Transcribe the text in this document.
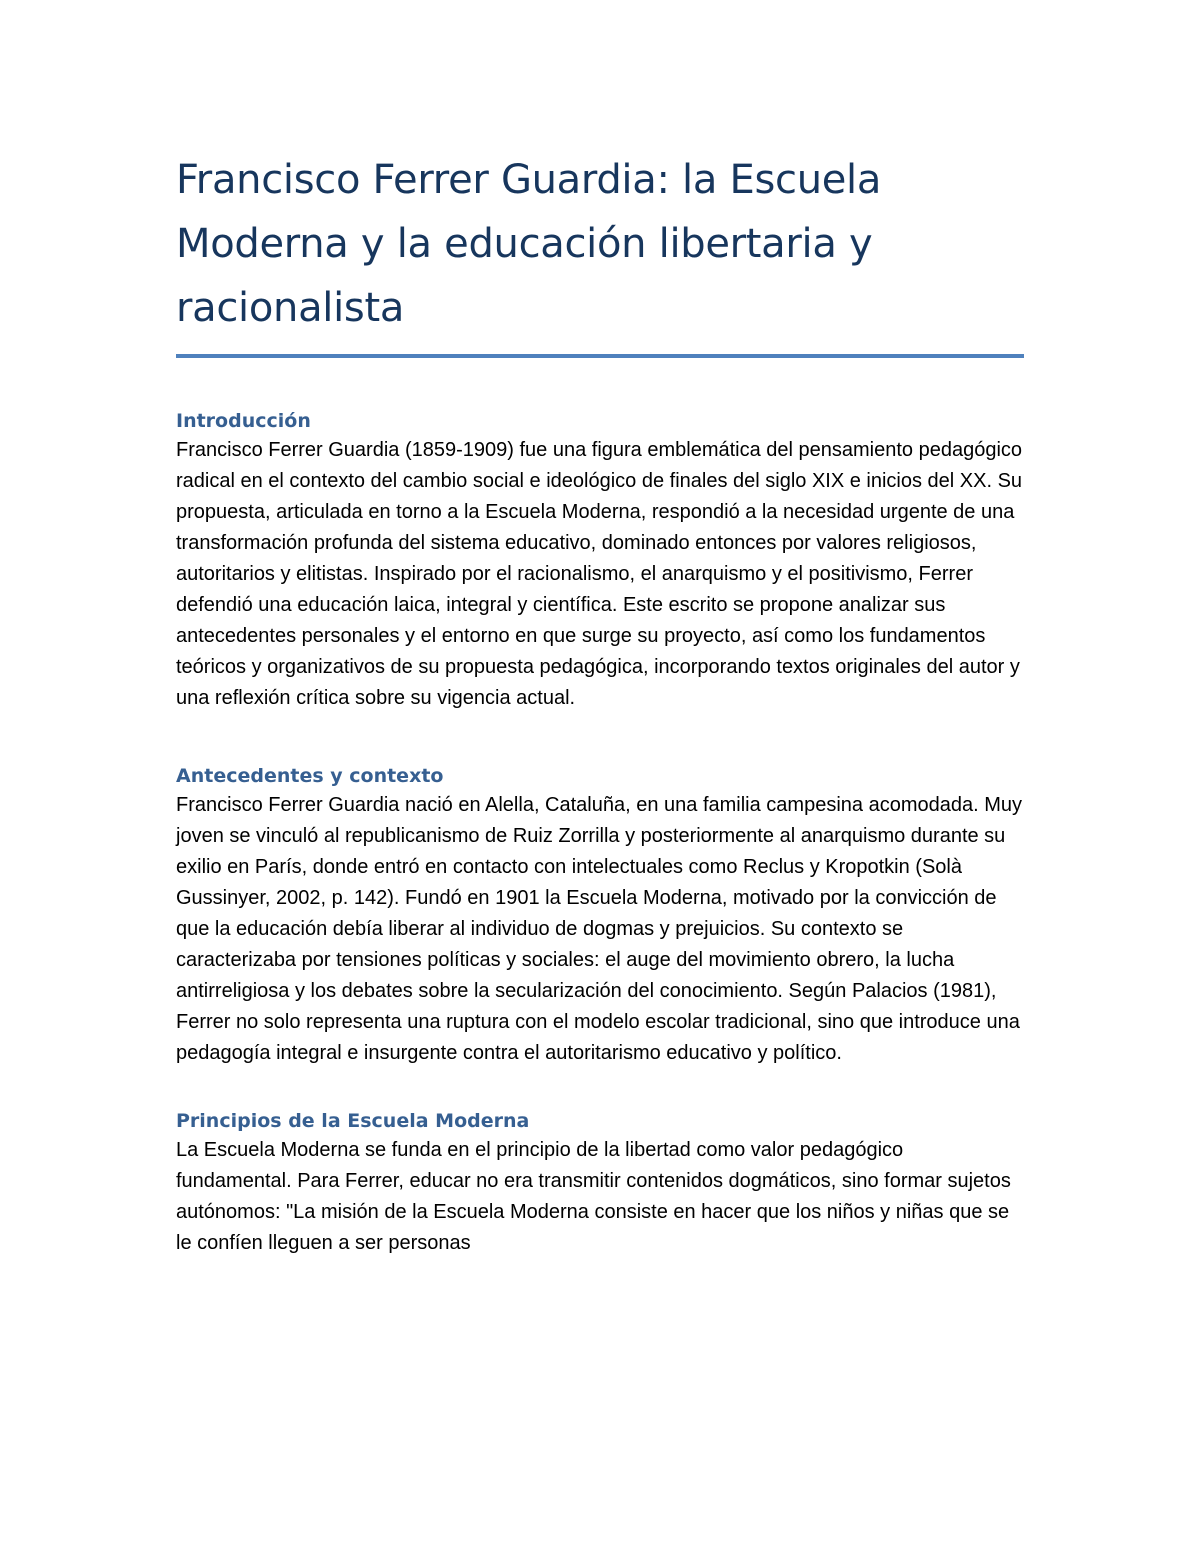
Francisco Ferrer Guardia: la Escuela Moderna y la educación libertaria y racionalista
Introducción

Francisco Ferrer Guardia (1859-1909) fue una figura emblemática del pensamiento pedagógico radical en el contexto del cambio social e ideológico de finales del siglo XIX e inicios del XX. Su propuesta, articulada en torno a la Escuela Moderna, respondió a la necesidad urgente de una transformación profunda del sistema educativo, dominado entonces por valores religiosos, autoritarios y elitistas. Inspirado por el racionalismo, el anarquismo y el positivismo, Ferrer defendió una educación laica, integral y científica. Este escrito se propone analizar sus antecedentes personales y el entorno en que surge su proyecto, así como los fundamentos teóricos y organizativos de su propuesta pedagógica, incorporando textos originales del autor y una reflexión crítica sobre su vigencia actual.

Antecedentes y contexto

Francisco Ferrer Guardia nació en Alella, Cataluña, en una familia campesina acomodada. Muy joven se vinculó al republicanismo de Ruiz Zorrilla y posteriormente al anarquismo durante su exilio en París, donde entró en contacto con intelectuales como Reclus y Kropotkin (Solà Gussinyer, 2002, p. 142). Fundó en 1901 la Escuela Moderna, motivado por la convicción de que la educación debía liberar al individuo de dogmas y prejuicios. Su contexto se caracterizaba por tensiones políticas y sociales: el auge del movimiento obrero, la lucha antirreligiosa y los debates sobre la secularización del conocimiento. Según Palacios (1981), Ferrer no solo representa una ruptura con el modelo escolar tradicional, sino que introduce una pedagogía integral e insurgente contra el autoritarismo educativo y político.

Principios de la Escuela Moderna

La Escuela Moderna se funda en el principio de la libertad como valor pedagógico fundamental. Para Ferrer, educar no era transmitir contenidos dogmáticos, sino formar sujetos autónomos: "La misión de la Escuela Moderna consiste en hacer que los niños y niñas que se le confíen lleguen a ser personas
